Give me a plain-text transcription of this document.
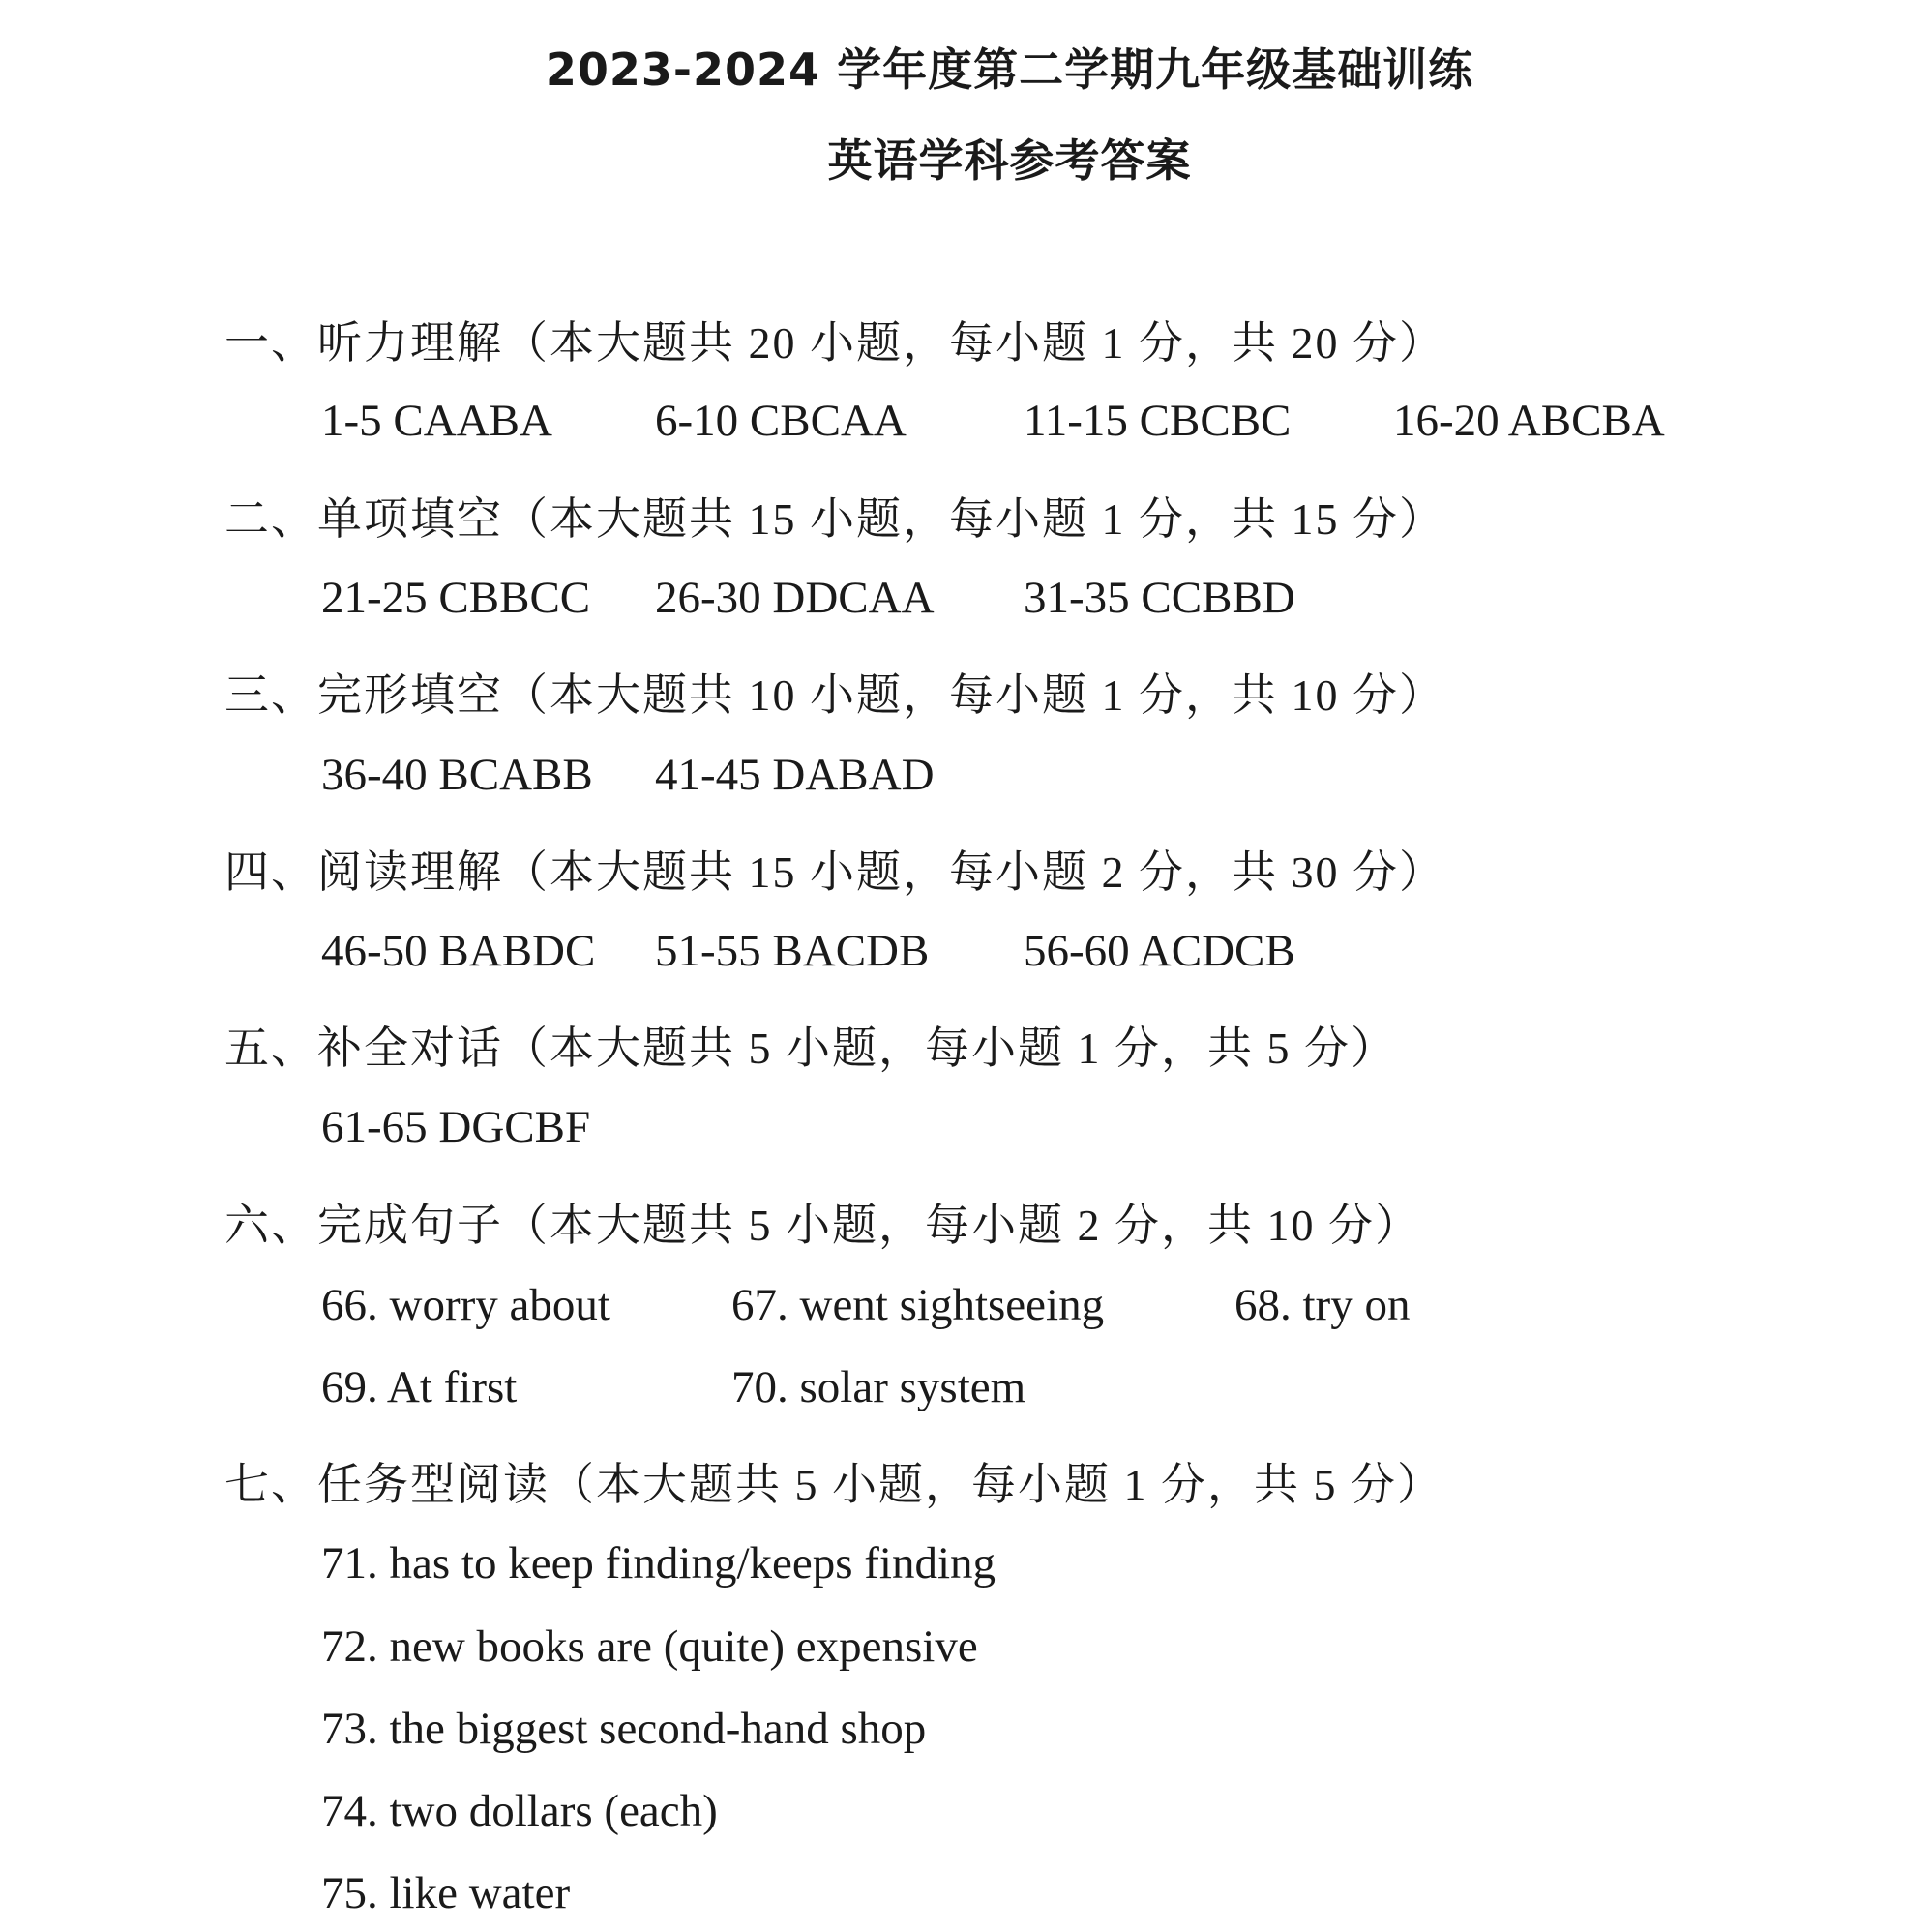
2023-2024 学年度第二学期九年级基础训练
英语学科参考答案
一、听力理解（本大题共 20 小题，每小题 1 分，共 20 分）
1-5 CAABA 6-10 CBCAA	11-15 CBCBC 16-20 ABCBA
二、单项填空（本大题共 15 小题，每小题 1 分，共 15 分）
21-25 CBBCC 26-30 DDCAA 31-35 CCBBD
三、完形填空（本大题共 10 小题，每小题 1 分，共 10 分）
36-40 BCABB 41-45 DABAD
四、阅读理解（本大题共 15 小题，每小题 2 分，共 30 分）
46-50 BABDC 51-55 BACDB 56-60 ACDCB
五、补全对话（本大题共 5 小题，每小题 1 分，共 5 分）
61-65 DGCBF
六、完成句子（本大题共 5 小题，每小题 2 分，共 10 分）
66. worry about	67. went sightseeing	68. try on
69. At first	70. solar system
七、任务型阅读（本大题共 5 小题，每小题 1 分，共 5 分）
71. has to keep finding/keeps finding
72. new books are (quite) expensive
73. the biggest second-hand shop
74. two dollars (each)
75. like water
